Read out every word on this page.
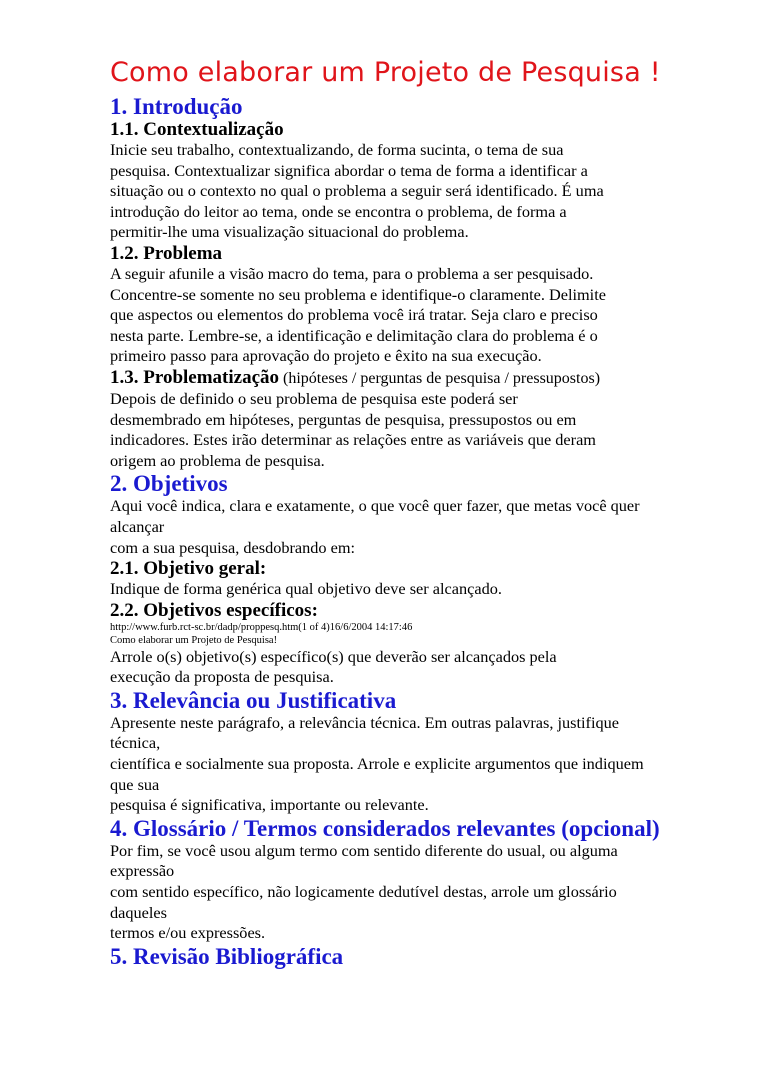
Como elaborar um Projeto de Pesquisa !
1. Introdução
1.1. Contextualização
Inicie seu trabalho, contextualizando, de forma sucinta, o tema de sua
pesquisa. Contextualizar significa abordar o tema de forma a identificar a
situação ou o contexto no qual o problema a seguir será identificado. É uma
introdução do leitor ao tema, onde se encontra o problema, de forma a
permitir-lhe uma visualização situacional do problema.
1.2. Problema
A seguir afunile a visão macro do tema, para o problema a ser pesquisado.
Concentre-se somente no seu problema e identifique-o claramente. Delimite
que aspectos ou elementos do problema você irá tratar. Seja claro e preciso
nesta parte. Lembre-se, a identificação e delimitação clara do problema é o
primeiro passo para aprovação do projeto e êxito na sua execução.
1.3. Problematização (hipóteses / perguntas de pesquisa / pressupostos)
Depois de definido o seu problema de pesquisa este poderá ser
desmembrado em hipóteses, perguntas de pesquisa, pressupostos ou em
indicadores. Estes irão determinar as relações entre as variáveis que deram
origem ao problema de pesquisa.
2. Objetivos
Aqui você indica, clara e exatamente, o que você quer fazer, que metas você quer
alcançar
com a sua pesquisa, desdobrando em:
2.1. Objetivo geral:
Indique de forma genérica qual objetivo deve ser alcançado.
2.2. Objetivos específicos:
http://www.furb.rct-sc.br/dadp/proppesq.htm(1 of 4)16/6/2004 14:17:46
Como elaborar um Projeto de Pesquisa!
Arrole o(s) objetivo(s) específico(s) que deverão ser alcançados pela
execução da proposta de pesquisa.
3. Relevância ou Justificativa
Apresente neste parágrafo, a relevância técnica. Em outras palavras, justifique
técnica,
científica e socialmente sua proposta. Arrole e explicite argumentos que indiquem
que sua
pesquisa é significativa, importante ou relevante.
4. Glossário / Termos considerados relevantes (opcional)
Por fim, se você usou algum termo com sentido diferente do usual, ou alguma
expressão
com sentido específico, não logicamente dedutível destas, arrole um glossário
daqueles
termos e/ou expressões.
5. Revisão Bibliográfica
